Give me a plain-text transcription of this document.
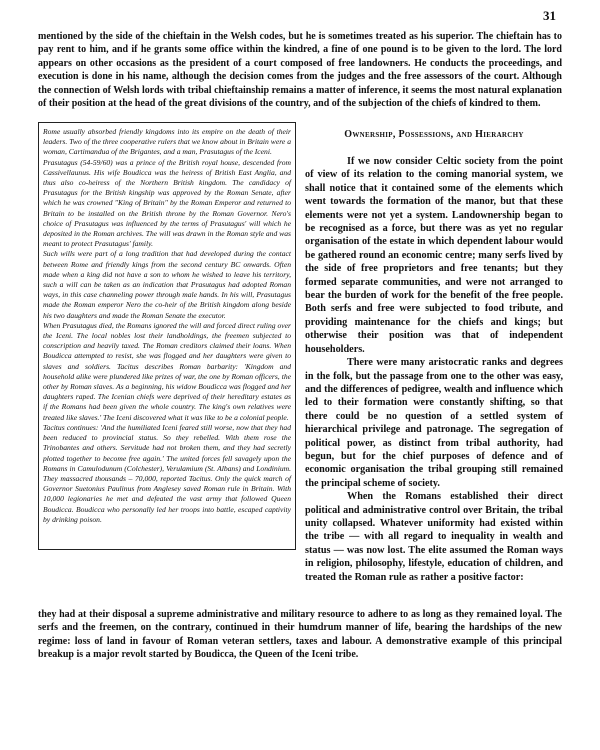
31

mentioned by the side of the chieftain in the Welsh codes, but he is sometimes treated as his superior. The chieftain has to pay rent to him, and if he grants some office within the kindred, a fine of one pound is to be given to the lord. The lord appears on other occasions as the president of a court composed of free landowners. He conducts the proceedings, and execution is done in his name, although the decision comes from the judges and the free assessors of the court. Although the connection of Welsh lords with tribal chieftainship remains a matter of inference, it seems the most natural explanation of their position at the head of the great divisions of the country, and of the subjection of the chiefs of kindred to them.

Rome usually absorbed friendly kingdoms into its empire on the death of their leaders. Two of the three cooperative rulers that we know about in Britain were a woman, Cartimandua of the Brigantes, and a man, Prasutagus of the Iceni.

Prasutagus (54-59/60) was a prince of the British royal house, descended from Cassivellaunus. His wife Boudicca was the heiress of British East Anglia, and thus also co-heiress of the Northern British kingdom. The candidacy of Prasutagus for the British kingship was approved by the Roman Senate, after which he was crowned "King of Britain" by the Roman Emperor and returned to Britain to be installed on the British throne by the Roman Governor. Nero's choice of Prasutagus was influenced by the terms of Prasutagus' will which he deposited in the Roman archives. The will was drawn in the Roman style and was meant to protect Prasutagus' family.

Such wills were part of a long tradition that had developed during the contact between Rome and friendly kings from the second century BC onwards. Often made when a king did not have a son to whom he wished to leave his territory, such a will can be taken as an indication that Prasutagus had adopted Roman ways, in this case channeling power through male hands. In his will, Prasutagus made the Roman emperor Nero the co-heir of the British kingdom along beside his two daughters and made the Roman Senate the executor.

When Prasutagus died, the Romans ignored the will and forced direct ruling over the Iceni. The local nobles lost their landholdings, the freemen subjected to conscription and heavily taxed. The Roman creditors claimed their loans. When Boudicca attempted to resist, she was flogged and her daughters were given to slaves and soldiers. Tacitus describes Roman barbarity: 'Kingdom and household alike were plundered like prizes of war, the one by Roman officers, the other by Roman slaves. As a beginning, his widow Boudicca was flogged and her daughters raped. The Icenian chiefs were deprived of their hereditary estates as if the Romans had been given the whole country. The king's own relatives were treated like slaves.' The Iceni discovered what it was like to be a colonial people.

Tacitus continues: 'And the humiliated Iceni feared still worse, now that they had been reduced to provincial status. So they rebelled. With them rose the Trinobantes and others. Servitude had not broken them, and they had secretly plotted together to become free again.' The united forces fell savagely upon the Romans in Camulodunum (Colchester), Verulamium (St. Albans) and Londinium. They massacred thousands – 70,000, reported Tacitus. Only the quick march of Governor Suetonius Paulinus from Anglesey saved Roman rule in Britain. With 10,000 legionaries he met and defeated the vast army that followed Queen Boudicca. Boudicca who personally led her troops into battle, escaped captivity by drinking poison.

Ownership, Possessions, and Hierarchy

If we now consider Celtic society from the point of view of its relation to the coming manorial system, we shall notice that it contained some of the elements which went towards the formation of the manor, but that these elements were not yet a system. Landownership began to be recognised as a force, but there was as yet no regular organisation of the estate in which dependent labour would be gathered round an economic centre; many serfs lived by the side of free proprietors and free tenants; but they formed separate communities, and were not arranged to bear the burden of work for the benefit of the free people. Both serfs and free were subjected to food tribute, and providing maintenance for the chiefs and kings; but otherwise their position was that of independent householders.

There were many aristocratic ranks and degrees in the folk, but the passage from one to the other was easy, and the differences of pedigree, wealth and influence which led to their formation were constantly shifting, so that there could be no question of a settled system of hierarchical privilege and patronage. The segregation of political power, as distinct from tribal authority, had begun, but for the chief purposes of defence and of economic organisation the tribal grouping still remained the principal scheme of society.

When the Romans established their direct political and administrative control over Britain, the tribal unity collapsed. Whatever uniformity had existed within the tribe — with all regard to inequality in wealth and status — was now lost. The elite assumed the Roman ways in religion, philosophy, lifestyle, education of children, and treated the Roman rule as rather a positive factor:

they had at their disposal a supreme administrative and military resource to adhere to as long as they remained loyal. The serfs and the freemen, on the contrary, continued in their humdrum manner of life, bearing the hardships of the new regime: loss of land in favour of Roman veteran settlers, taxes and labour. A demonstrative example of this principal breakup is a major revolt started by Boudicca, the Queen of the Iceni tribe.
